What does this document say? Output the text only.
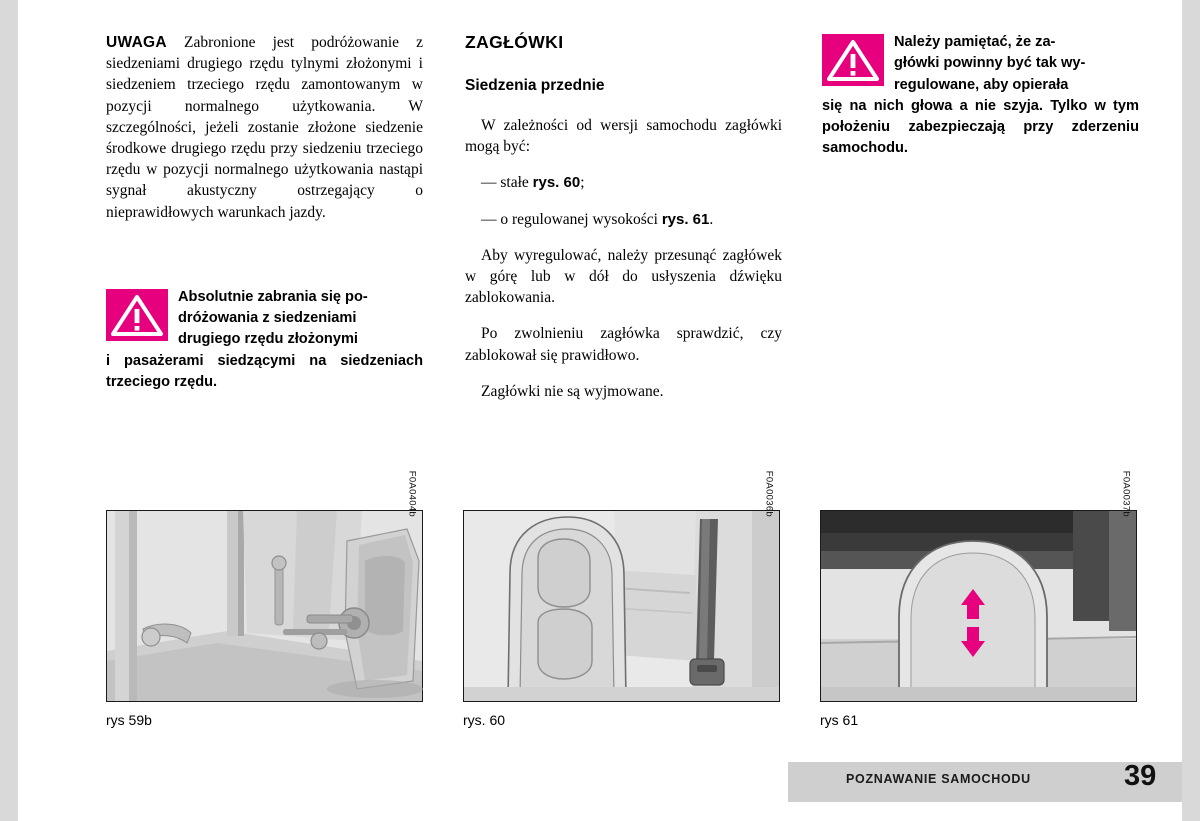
UWAGA Zabronione jest podróżowanie z siedzeniami drugiego rzędu tylnymi złożonymi i siedzeniem trzeciego rzędu zamontowanym w pozycji normalnego użytkowania. W szczególności, jeżeli zostanie złożone siedzenie środkowe drugiego rzędu przy siedzeniu trzeciego rzędu w pozycji normalnego użytkowania nastąpi sygnał akustyczny ostrzegający o nieprawidłowych warunkach jazdy.

Absolutnie zabrania się po-
dróżowania z siedzeniami
drugiego rzędu złożonymi
i pasażerami siedzącymi na siedzeniach trzeciego rzędu.
ZAGŁÓWKI
Siedzenia przednie

W zależności od wersji samochodu zagłówki mogą być:

— stałe rys. 60;

— o regulowanej wysokości rys. 61.

Aby wyregulować, należy przesunąć zagłówek w górę lub w dół do usłyszenia dźwięku zablokowania.

Po zwolnieniu zagłówka sprawdzić, czy zablokował się prawidłowo.

Zagłówki nie są wyjmowane.

Należy pamiętać, że za-
główki powinny być tak wy-
regulowane, aby opierała
się na nich głowa a nie szyja. Tylko w tym położeniu zabezpieczają przy zderzeniu samochodu.
F0A0404b
rys 59b
F0A0036b
rys. 60
F0A0037b
rys 61
POZNAWANIE SAMOCHODU	39
